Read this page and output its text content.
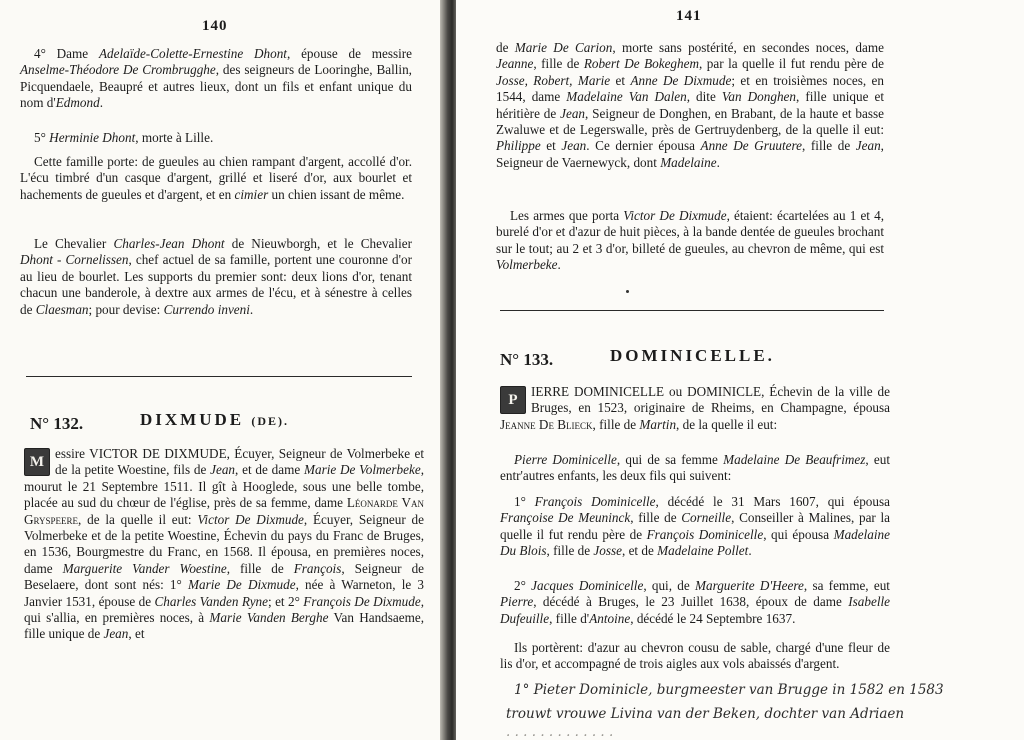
140

4° Dame Adelaïde-Colette-Ernestine Dhont, épouse de messire Anselme-Théodore De Crombrugghe, des seigneurs de Looringhe, Ballin, Picquendaele, Beaupré et autres lieux, dont un fils et enfant unique du nom d'Edmond.

5° Herminie Dhont, morte à Lille.

Cette famille porte: de gueules au chien rampant d'argent, accollé d'or. L'écu timbré d'un casque d'argent, grillé et liseré d'or, aux bourlet et hachements de gueules et d'argent, et en cimier un chien issant de même.

Le Chevalier Charles-Jean Dhont de Nieuwborgh, et le Chevalier Dhont - Cornelissen, chef actuel de sa famille, portent une couronne d'or au lieu de bourlet. Les supports du premier sont: deux lions d'or, tenant chacun une banderole, à dextre aux armes de l'écu, et à sénestre à celles de Claesman; pour devise: Currendo inveni.

N° 132.	DIXMUDE (DE).

M
essire VICTOR DE DIXMUDE, Écuyer, Seigneur de Volmerbeke et de la petite Woestine, fils de Jean, et de dame Marie De Volmerbeke, mourut le 21 Septembre 1511. Il gît à Hooglede, sous une belle tombe, placée au sud du chœur de l'église, près de sa femme, dame Léonarde Van Gryspeere, de la quelle il eut: Victor De Dixmude, Écuyer, Seigneur de Volmerbeke et de la petite Woestine, Échevin du pays du Franc de Bruges, en 1536, Bourgmestre du Franc, en 1568. Il épousa, en premières noces, dame Marguerite Vander Woestine, fille de François, Seigneur de Beselaere, dont sont nés: 1° Marie De Dixmude, née à Warneton, le 3 Janvier 1531, épouse de Charles Vanden Ryne; et 2° François De Dixmude, qui s'allia, en premières noces, à Marie Vanden Berghe Van Handsaeme, fille unique de Jean, et

141

de Marie De Carion, morte sans postérité, en secondes noces, dame Jeanne, fille de Robert De Bokeghem, par la quelle il fut rendu père de Josse, Robert, Marie et Anne De Dixmude; et en troisièmes noces, en 1544, dame Madelaine Van Dalen, dite Van Donghen, fille unique et héritière de Jean, Seigneur de Donghen, en Brabant, de la haute et basse Zwaluwe et de Legerswalle, près de Gertruydenberg, de la quelle il eut: Philippe et Jean. Ce dernier épousa Anne De Gruutere, fille de Jean, Seigneur de Vaernewyck, dont Madelaine.

Les armes que porta Victor De Dixmude, étaient: écartelées au 1 et 4, burelé d'or et d'azur de huit pièces, à la bande dentée de gueules brochant sur le tout; au 2 et 3 d'or, billeté de gueules, au chevron de même, qui est Volmerbeke.

N° 133.	DOMINICELLE.

P
IERRE DOMINICELLE ou DOMINICLE, Échevin de la ville de Bruges, en 1523, originaire de Rheims, en Champagne, épousa Jeanne De Blieck, fille de Martin, de la quelle il eut:

Pierre Dominicelle, qui de sa femme Madelaine De Beaufrimez, eut entr'autres enfants, les deux fils qui suivent:

1° François Dominicelle, décédé le 31 Mars 1607, qui épousa Françoise De Meuninck, fille de Corneille, Conseiller à Malines, par la quelle il fut rendu père de François Dominicelle, qui épousa Madelaine Du Blois, fille de Josse, et de Madelaine Pollet.

2° Jacques Dominicelle, qui, de Marguerite D'Heere, sa femme, eut Pierre, décédé à Bruges, le 23 Juillet 1638, époux de dame Isabelle Dufeuille, fille d'Antoine, décédé le 24 Septembre 1637.

Ils portèrent: d'azur au chevron cousu de sable, chargé d'une fleur de lis d'or, et accompagné de trois aigles aux vols abaissés d'argent.

1° Pieter Dominicle, burgmeester van Brugge in 1582 en 1583
trouwt vrouwe Livina van der Beken, dochter van Adriaen
· · · · · · · · · · · · ·
